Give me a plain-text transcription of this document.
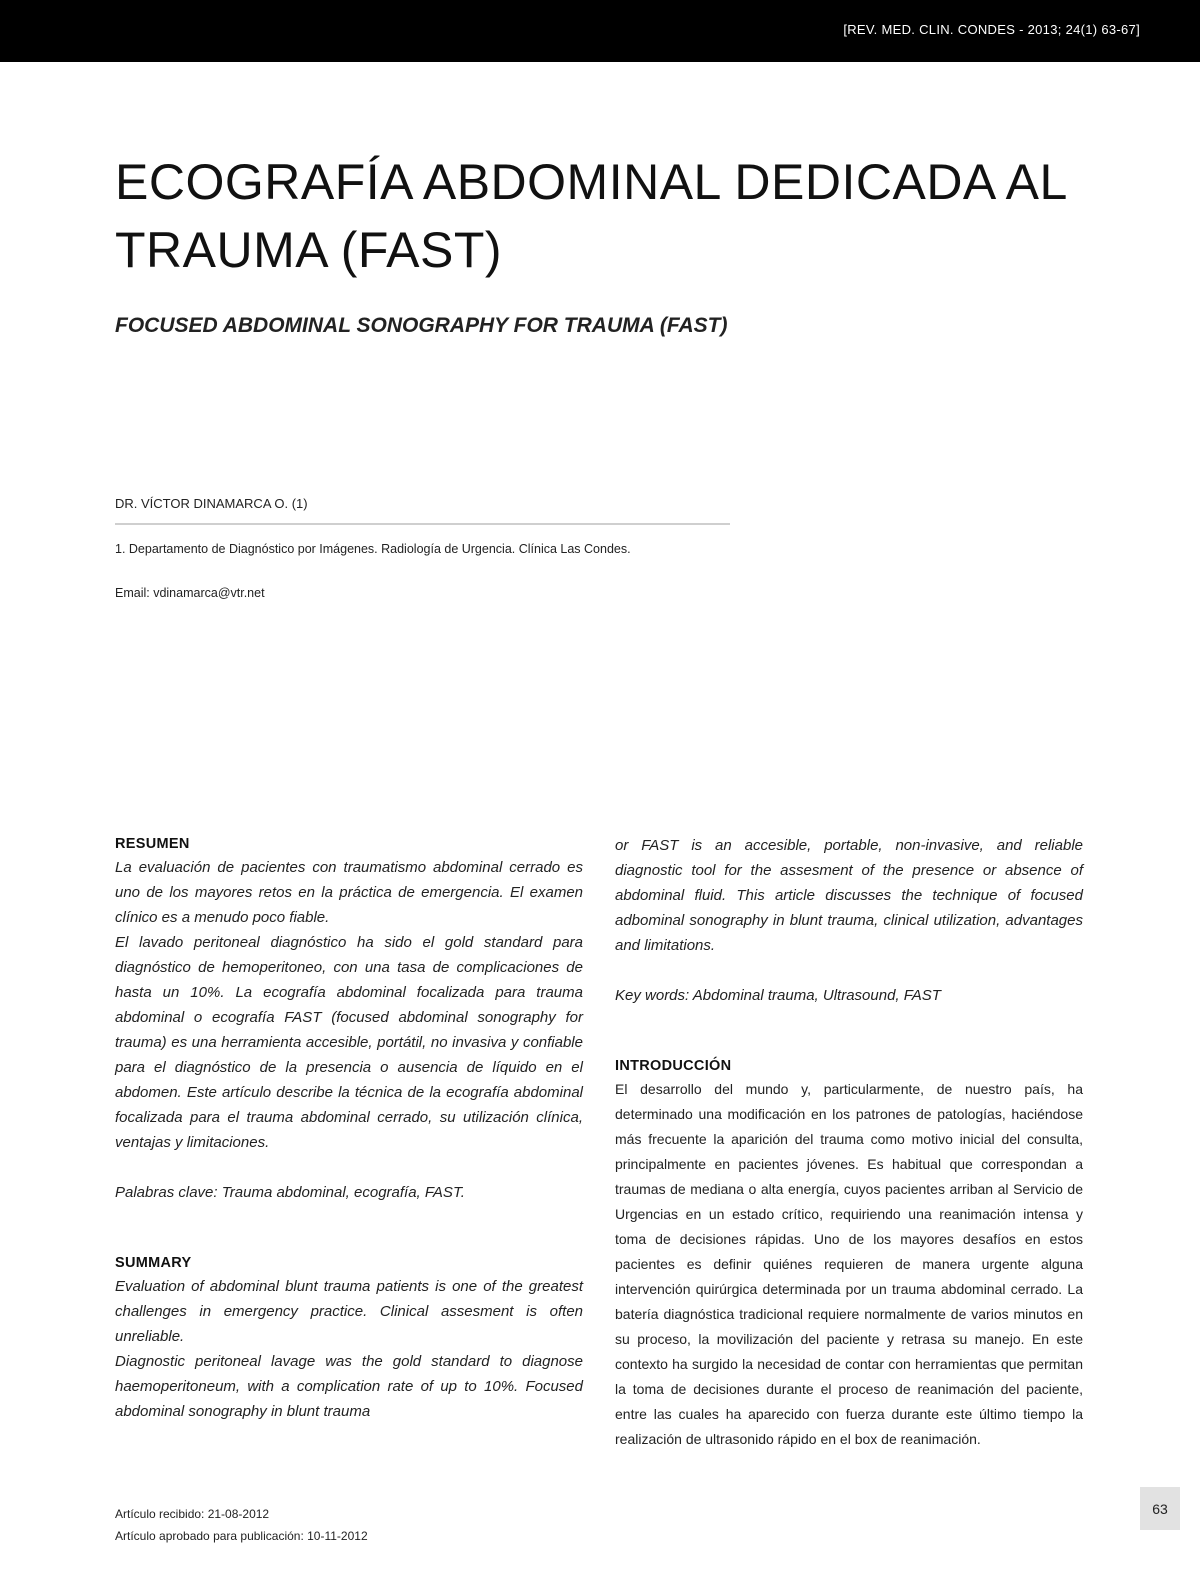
[REV. MED. CLIN. CONDES - 2013; 24(1) 63-67]
ECOGRAFÍA ABDOMINAL DEDICADA AL TRAUMA (FAST)
FOCUSED ABDOMINAL SONOGRAPHY FOR TRAUMA (FAST)
DR. VÍCTOR DINAMARCA O. (1)
1. Departamento de Diagnóstico por Imágenes. Radiología de Urgencia. Clínica Las Condes.
Email: vdinamarca@vtr.net
RESUMEN

La evaluación de pacientes con traumatismo abdominal cerrado es uno de los mayores retos en la práctica de emergencia. El examen clínico es a menudo poco fiable.

El lavado peritoneal diagnóstico ha sido el gold standard para diagnóstico de hemoperitoneo, con una tasa de complicaciones de hasta un 10%. La ecografía abdominal focalizada para trauma abdominal o ecografía FAST (focused abdominal sonography for trauma) es una herramienta accesible, portátil, no invasiva y confiable para el diagnóstico de la presencia o ausencia de líquido en el abdomen. Este artículo describe la técnica de la ecografía abdominal focalizada para el trauma abdominal cerrado, su utilización clínica, ventajas y limitaciones.

Palabras clave: Trauma abdominal, ecografía, FAST.

SUMMARY

Evaluation of abdominal blunt trauma patients is one of the greatest challenges in emergency practice. Clinical assesment is often unreliable.

Diagnostic peritoneal lavage was the gold standard to diagnose haemoperitoneum, with a complication rate of up to 10%. Focused abdominal sonography in blunt trauma

or FAST is an accesible, portable, non-invasive, and reliable diagnostic tool for the assesment of the presence or absence of abdominal fluid. This article discusses the technique of focused adbominal sonography in blunt trauma, clinical utilization, advantages and limitations.

Key words: Abdominal trauma, Ultrasound, FAST

INTRODUCCIÓN

El desarrollo del mundo y, particularmente, de nuestro país, ha determinado una modificación en los patrones de patologías, haciéndose más frecuente la aparición del trauma como motivo inicial del consulta, principalmente en pacientes jóvenes. Es habitual que correspondan a traumas de mediana o alta energía, cuyos pacientes arriban al Servicio de Urgencias en un estado crítico, requiriendo una reanimación intensa y toma de decisiones rápidas. Uno de los mayores desafíos en estos pacientes es definir quiénes requieren de manera urgente alguna intervención quirúrgica determinada por un trauma abdominal cerrado. La batería diagnóstica tradicional requiere normalmente de varios minutos en su proceso, la movilización del paciente y retrasa su manejo. En este contexto ha surgido la necesidad de contar con herramientas que permitan la toma de decisiones durante el proceso de reanimación del paciente, entre las cuales ha aparecido con fuerza durante este último tiempo la realización de ultrasonido rápido en el box de reanimación.

Artículo recibido: 21-08-2012
Artículo aprobado para publicación: 10-11-2012
63
